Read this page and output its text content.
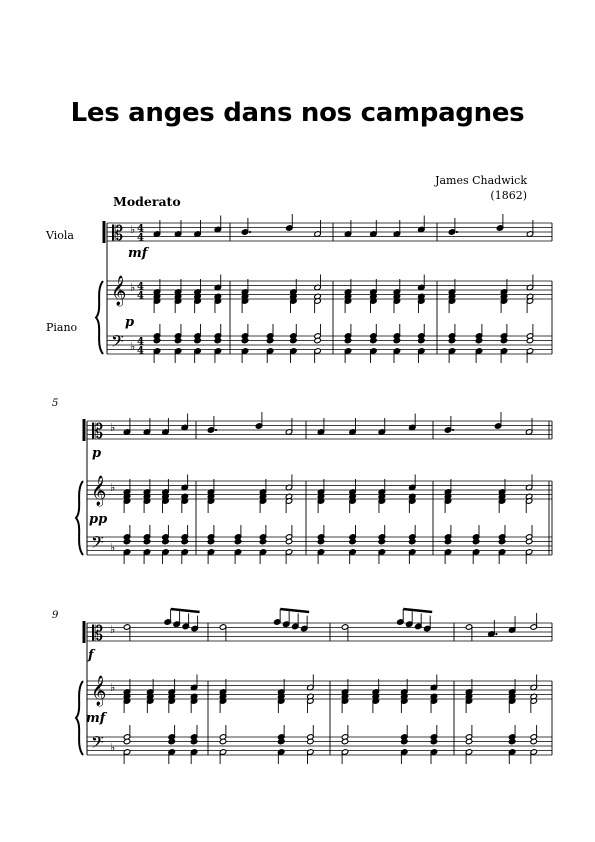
Les anges dans nos campagnes
James Chadwick
(1862)
Moderato
Viola
Piano
5
9
mf
p
p
pp
f
mf
𝄡
𝄞
𝄢
♭
♭
♭
4
4
4
4
4
4
𝄡
𝄞
𝄢
♭
♭
♭
𝄡
𝄞
𝄢
♭
♭
♭
